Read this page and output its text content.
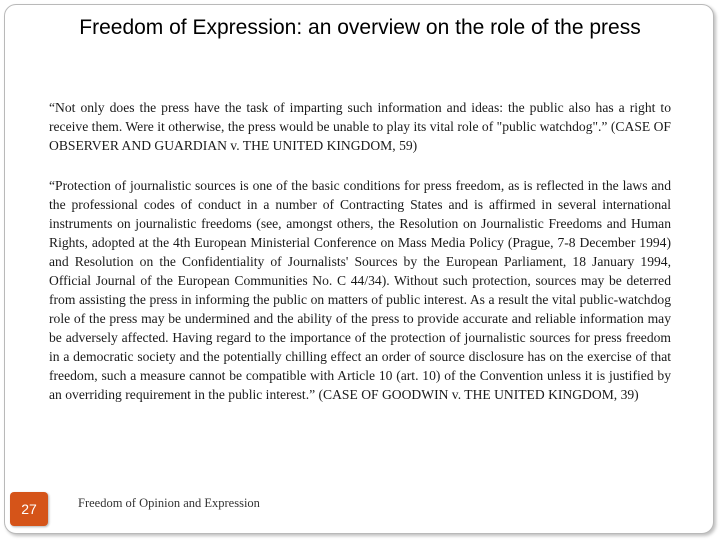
Freedom of Expression: an overview on the role of the press
“Not only does the press have the task of imparting such information and ideas: the public also has a right to receive them. Were it otherwise, the press would be unable to play its vital role of "public watchdog".” (CASE OF OBSERVER AND GUARDIAN v. THE UNITED KINGDOM, 59)
“Protection of journalistic sources is one of the basic conditions for press freedom, as is reflected in the laws and the professional codes of conduct in a number of Contracting States and is affirmed in several international instruments on journalistic freedoms (see, amongst others, the Resolution on Journalistic Freedoms and Human Rights, adopted at the 4th European Ministerial Conference on Mass Media Policy (Prague, 7-8 December 1994) and Resolution on the Confidentiality of Journalists' Sources by the European Parliament, 18 January 1994, Official Journal of the European Communities No. C 44/34). Without such protection, sources may be deterred from assisting the press in informing the public on matters of public interest. As a result the vital public-watchdog role of the press may be undermined and the ability of the press to provide accurate and reliable information may be adversely affected. Having regard to the importance of the protection of journalistic sources for press freedom in a democratic society and the potentially chilling effect an order of source disclosure has on the exercise of that freedom, such a measure cannot be compatible with Article 10 (art. 10) of the Convention unless it is justified by an overriding requirement in the public interest.” (CASE OF GOODWIN v. THE UNITED KINGDOM, 39)
27	Freedom of Opinion and Expression
